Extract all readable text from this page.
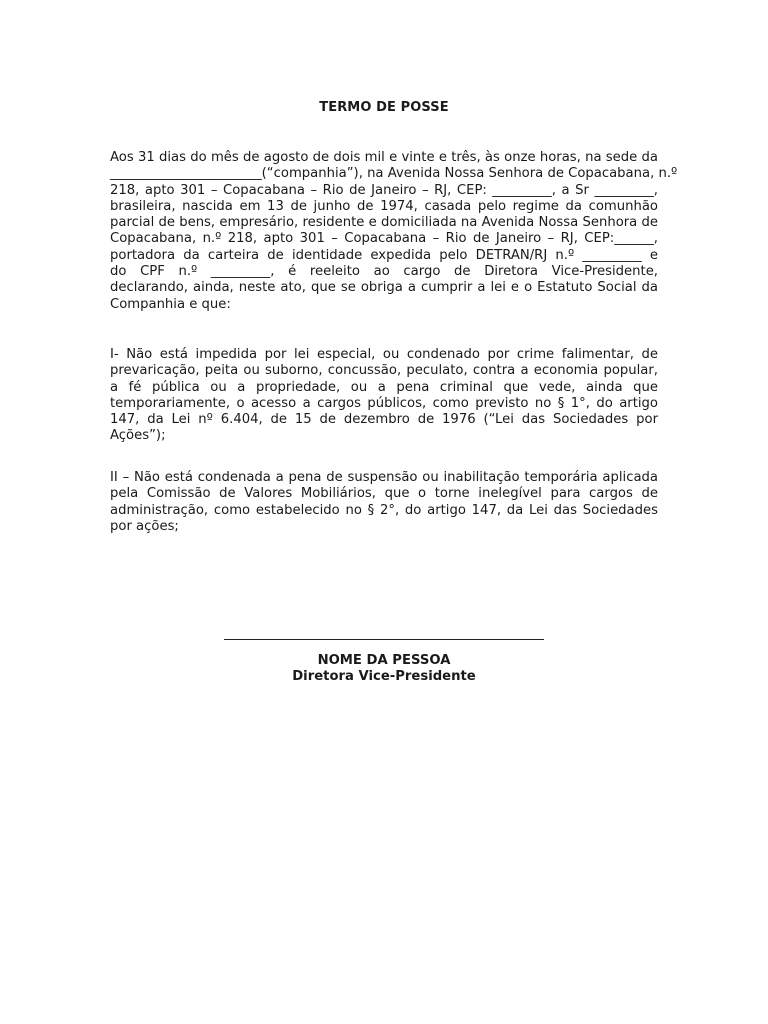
TERMO DE POSSE
Aos 31 dias do mês de agosto de dois mil e vinte e três, às onze horas, na sede da
_______________________(“companhia”), na Avenida Nossa Senhora de Copacabana, n.º
218, apto 301 – Copacabana – Rio de Janeiro – RJ, CEP: _________, a Sr _________,
brasileira, nascida em 13 de junho de 1974, casada pelo regime da comunhão
parcial de bens, empresário, residente e domiciliada na Avenida Nossa Senhora de
Copacabana, n.º 218, apto 301 – Copacabana – Rio de Janeiro – RJ, CEP:______,
portadora da carteira de identidade expedida pelo DETRAN/RJ n.º _________ e
do CPF n.º _________, é reeleito ao cargo de Diretora Vice-Presidente,
declarando, ainda, neste ato, que se obriga a cumprir a lei e o Estatuto Social da
Companhia e que:
I- Não está impedida por lei especial, ou condenado por crime falimentar, de
prevaricação, peita ou suborno, concussão, peculato, contra a economia popular,
a fé pública ou a propriedade, ou a pena criminal que vede, ainda que
temporariamente, o acesso a cargos públicos, como previsto no § 1°, do artigo
147, da Lei nº 6.404, de 15 de dezembro de 1976 (“Lei das Sociedades por
Ações”);
II – Não está condenada a pena de suspensão ou inabilitação temporária aplicada
pela Comissão de Valores Mobiliários, que o torne inelegível para cargos de
administração, como estabelecido no § 2°, do artigo 147, da Lei das Sociedades
por ações;
NOME DA PESSOA
Diretora Vice-Presidente
